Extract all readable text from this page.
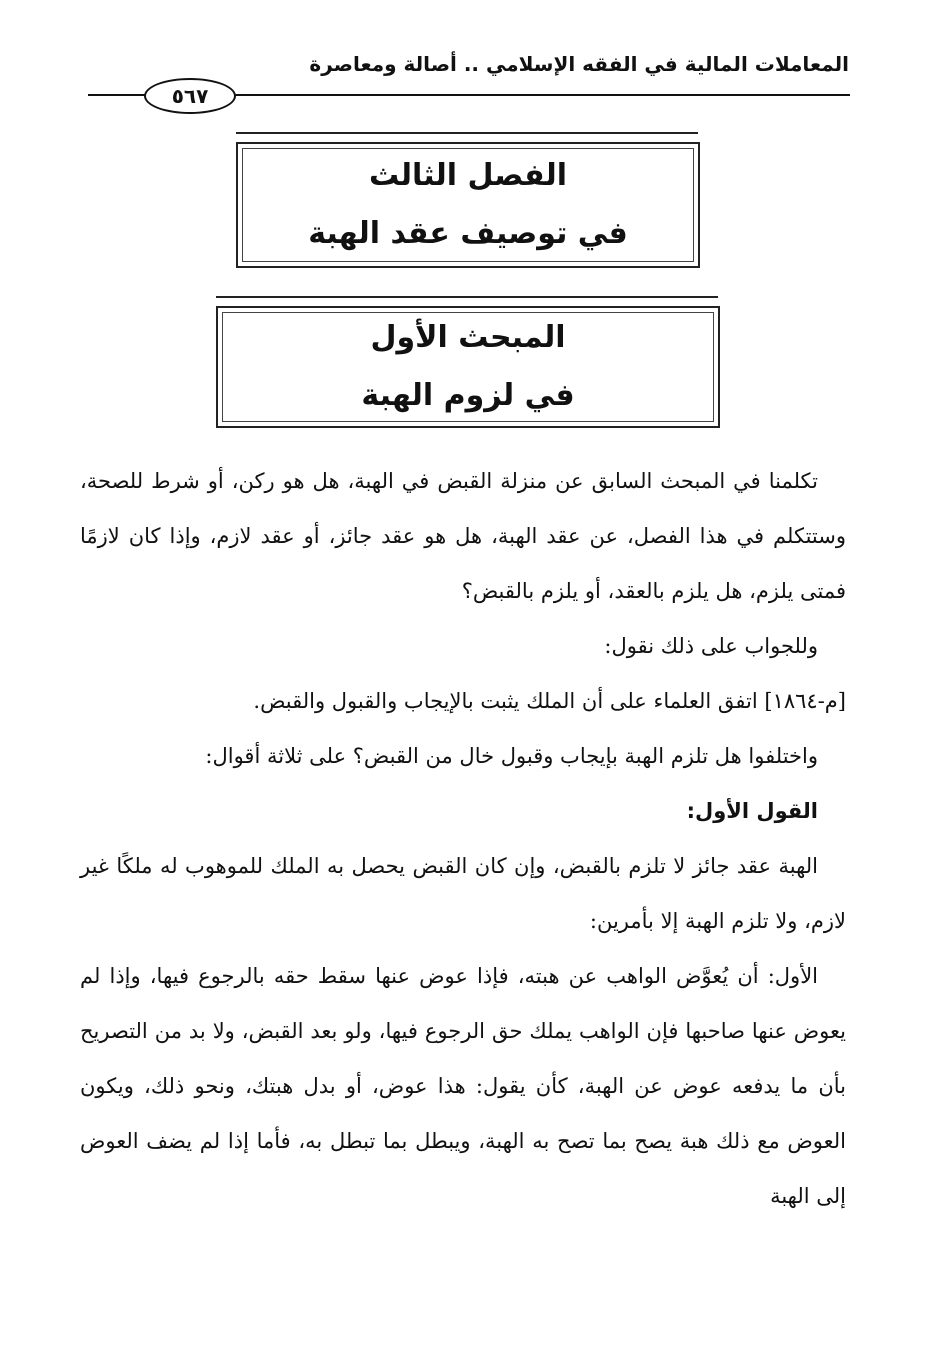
المعاملات المالية في الفقه الإسلامي .. أصالة ومعاصرة
٥٦٧
الفصل الثالث
في توصيف عقد الهبة
المبحث الأول
في لزوم الهبة

تكلمنا في المبحث السابق عن منزلة القبض في الهبة، هل هو ركن، أو شرط للصحة، وستتكلم في هذا الفصل، عن عقد الهبة، هل هو عقد جائز، أو عقد لازم، وإذا كان لازمًا فمتى يلزم، هل يلزم بالعقد، أو يلزم بالقبض؟

وللجواب على ذلك نقول:

[م-١٨٦٤] اتفق العلماء على أن الملك يثبت بالإيجاب والقبول والقبض.

واختلفوا هل تلزم الهبة بإيجاب وقبول خال من القبض؟ على ثلاثة أقوال:

القول الأول:

الهبة عقد جائز لا تلزم بالقبض، وإن كان القبض يحصل به الملك للموهوب له ملكًا غير لازم، ولا تلزم الهبة إلا بأمرين:

الأول: أن يُعوَّض الواهب عن هبته، فإذا عوض عنها سقط حقه بالرجوع فيها، وإذا لم يعوض عنها صاحبها فإن الواهب يملك حق الرجوع فيها، ولو بعد القبض، ولا بد من التصريح بأن ما يدفعه عوض عن الهبة، كأن يقول: هذا عوض، أو بدل هبتك، ونحو ذلك، ويكون العوض مع ذلك هبة يصح بما تصح به الهبة، ويبطل بما تبطل به، فأما إذا لم يضف العوض إلى الهبة
